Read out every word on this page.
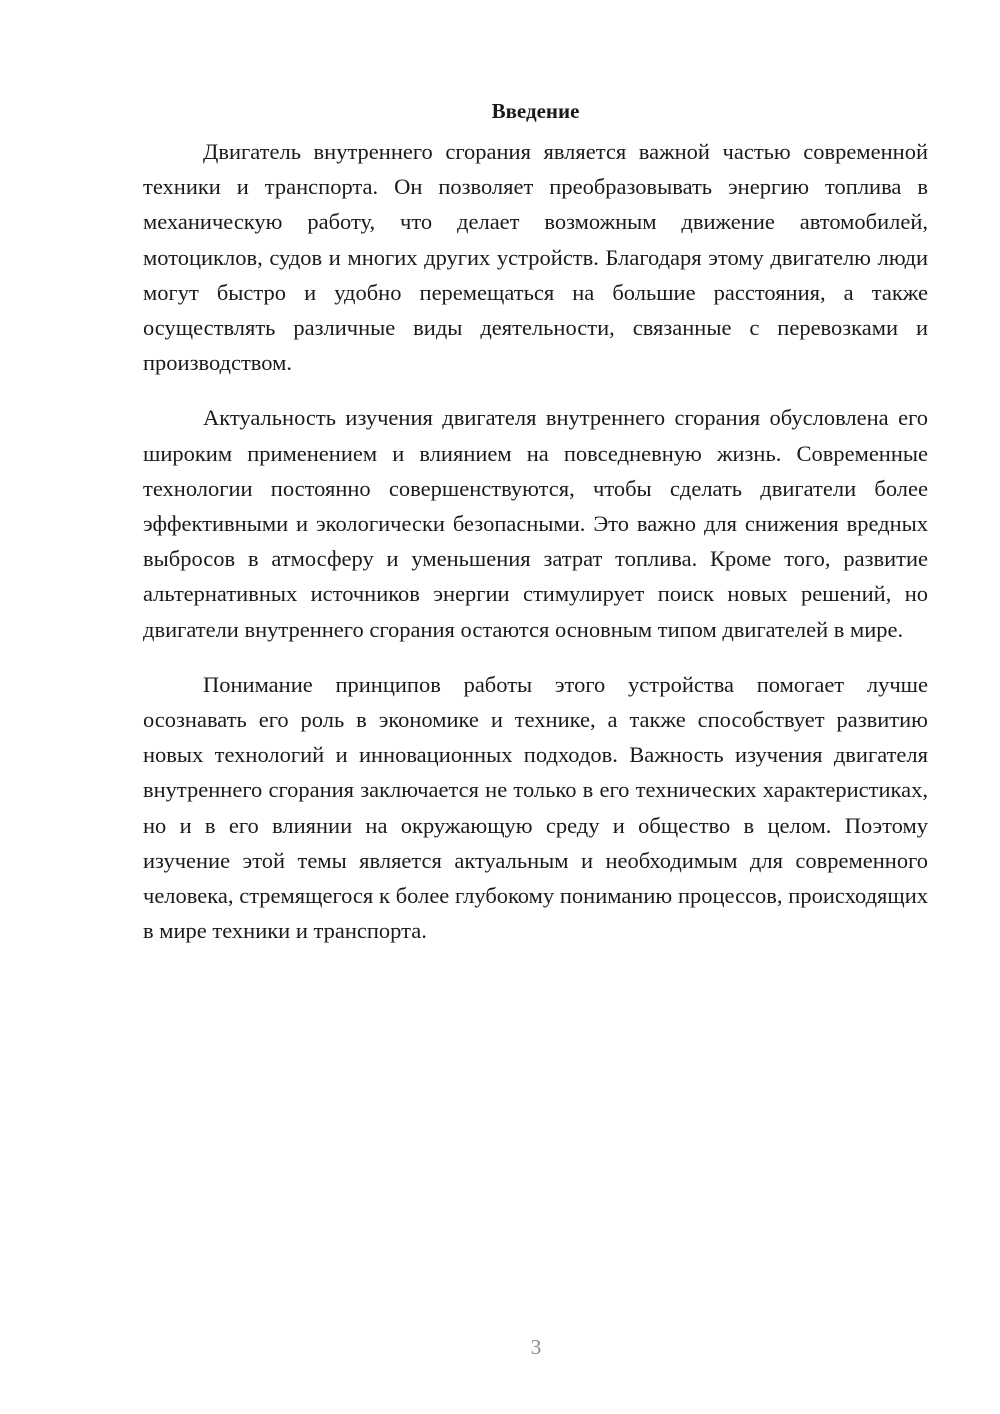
Введение

Двигатель внутреннего сгорания является важной частью современной техники и транспорта. Он позволяет преобразовывать энергию топлива в механическую работу, что делает возможным движение автомобилей, мотоциклов, судов и многих других устройств. Благодаря этому двигателю люди могут быстро и удобно перемещаться на большие расстояния, а также осуществлять различные виды деятельности, связанные с перевозками и производством.

Актуальность изучения двигателя внутреннего сгорания обусловлена его широким применением и влиянием на повседневную жизнь. Современные технологии постоянно совершенствуются, чтобы сделать двигатели более эффективными и экологически безопасными. Это важно для снижения вредных выбросов в атмосферу и уменьшения затрат топлива. Кроме того, развитие альтернативных источников энергии стимулирует поиск новых решений, но двигатели внутреннего сгорания остаются основным типом двигателей в мире.

Понимание принципов работы этого устройства помогает лучше осознавать его роль в экономике и технике, а также способствует развитию новых технологий и инновационных подходов. Важность изучения двигателя внутреннего сгорания заключается не только в его технических характеристиках, но и в его влиянии на окружающую среду и общество в целом. Поэтому изучение этой темы является актуальным и необходимым для современного человека, стремящегося к более глубокому пониманию процессов, происходящих в мире техники и транспорта.

3
